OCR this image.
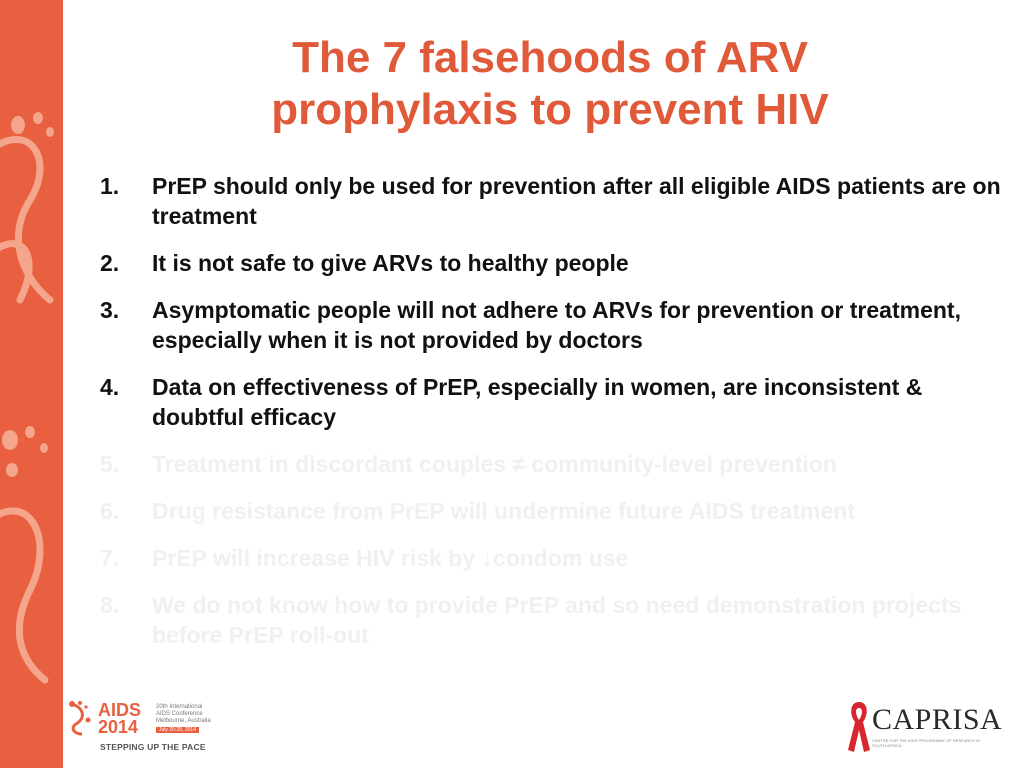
The 7 falsehoods of ARV
prophylaxis to prevent HIV
1. PrEP should only be used for prevention after all eligible AIDS patients are on treatment
2. It is not safe to give ARVs to healthy people
3. Asymptomatic people will not adhere to ARVs for prevention or treatment, especially when it is not provided by doctors
4. Data on effectiveness of PrEP, especially in women, are inconsistent & doubtful efficacy
5. Treatment in discordant couples ≠ community-level prevention
6. Drug resistance from PrEP will undermine future AIDS treatment
7. PrEP will increase HIV risk by ↓condom use
8. We do not know how to provide PrEP and so need demonstration projects before PrEP roll-out
AIDS
2014
20th International
AIDS Conference
Melbourne, Australia
July 20-25, 2014
STEPPING UP THE PACE
CAPRISA
CENTRE FOR THE AIDS PROGRAMME OF RESEARCH IN SOUTH AFRICA
